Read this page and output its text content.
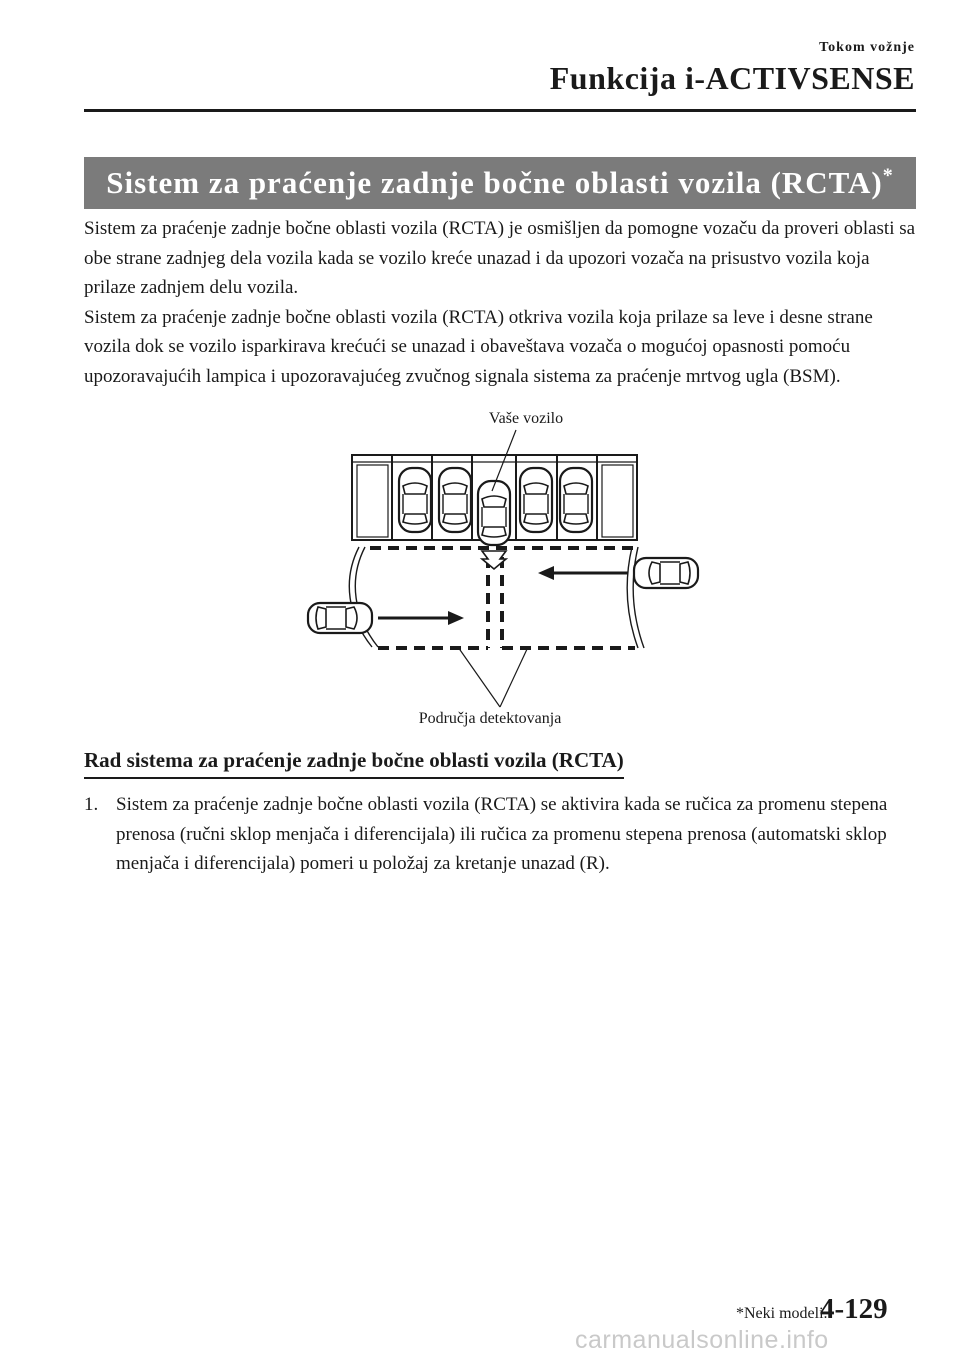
Tokom vožnje
Funkcija i-ACTIVSENSE
Sistem za praćenje zadnje bočne oblasti vozila (RCTA)*

Sistem za praćenje zadnje bočne oblasti vozila (RCTA) je osmišljen da pomogne vozaču da proveri oblasti sa obe strane zadnjeg dela vozila kada se vozilo kreće unazad i da upozori vozača na prisustvo vozila koja prilaze zadnjem delu vozila.

Sistem za praćenje zadnje bočne oblasti vozila (RCTA) otkriva vozila koja prilaze sa leve i desne strane vozila dok se vozilo isparkirava krećući se unazad i obaveštava vozača o mogućoj opasnosti pomoću upozoravajućih lampica i upozoravajućeg zvučnog signala sistema za praćenje mrtvog ugla (BSM).

Vaše vozilo
Područja detektovanja
Rad sistema za praćenje zadnje bočne oblasti vozila (RCTA)
1. Sistem za praćenje zadnje bočne oblasti vozila (RCTA) se aktivira kada se ručica za promenu stepena prenosa (ručni sklop menjača i diferencijala) ili ručica za promenu stepena prenosa (automatski sklop menjača i diferencijala) pomeri u položaj za kretanje unazad (R).
*Neki modeli.
4-129
carmanualsonline.info
